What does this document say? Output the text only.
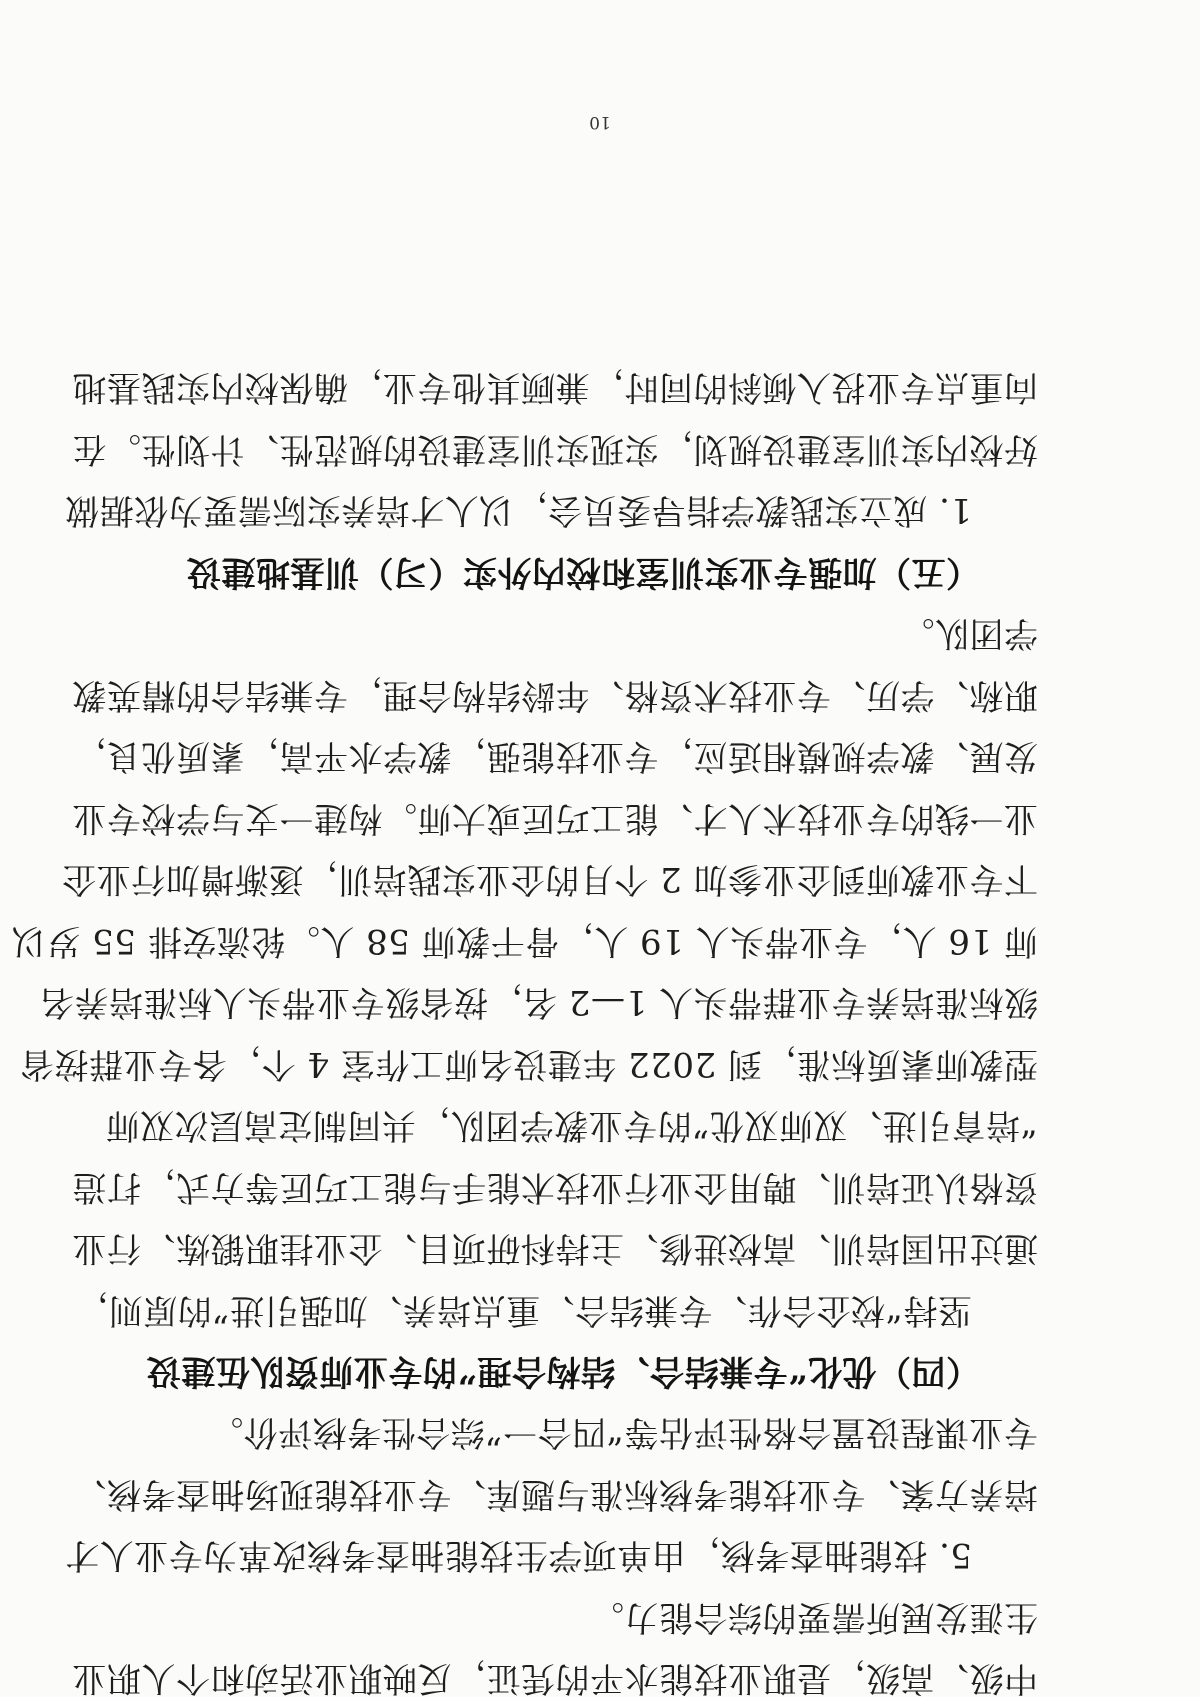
10
中级、高级，是职业技能水平的凭证，反映职业活动和个人职业
生涯发展所需要的综合能力。
5. 技能抽查考核，由单项学生技能抽查考核改革为专业人才
培养方案、专业技能考核标准与题库、专业技能现场抽查考核、
专业课程设置合格性评估等“四合一”综合性考核评价。
（四）优化“专兼结合、结构合理”的专业师资队伍建设
坚持“校企合作、专兼结合、重点培养、加强引进”的原则，
通过出国培训、高校进修、主持科研项目、企业挂职锻炼、行业
资格认证培训、聘用企业行业技术能手与能工巧匠等方式，打造
“培育引进、双师双优”的专业教学团队，共同制定高层次双师
型教师素质标准，到 2022 年建设名师工作室 4 个，各专业群按省
级标准培养专业群带头人 1—2 名，按省级专业带头人标准培养名
师 16 人，专业带头人 19 人，骨干教师 58 人。轮流安排 55 岁以
下专业教师到企业参加 2 个月的企业实践培训，逐渐增加行业企
业一线的专业技术人才、能工巧匠或大师。构建一支与学校专业
发展、教学规模相适应，专业技能强，教学水平高，素质优良，
职称、学历、专业技术资格、年龄结构合理，专兼结合的精英教
学团队。
（五）加强专业实训室和校内外实（习）训基地建设
1. 成立实践教学指导委员会，以人才培养实际需要为依据做
好校内实训室建设规划，实现实训室建设的规范性、计划性。在
向重点专业投入倾斜的同时，兼顾其他专业，确保校内实践基地
